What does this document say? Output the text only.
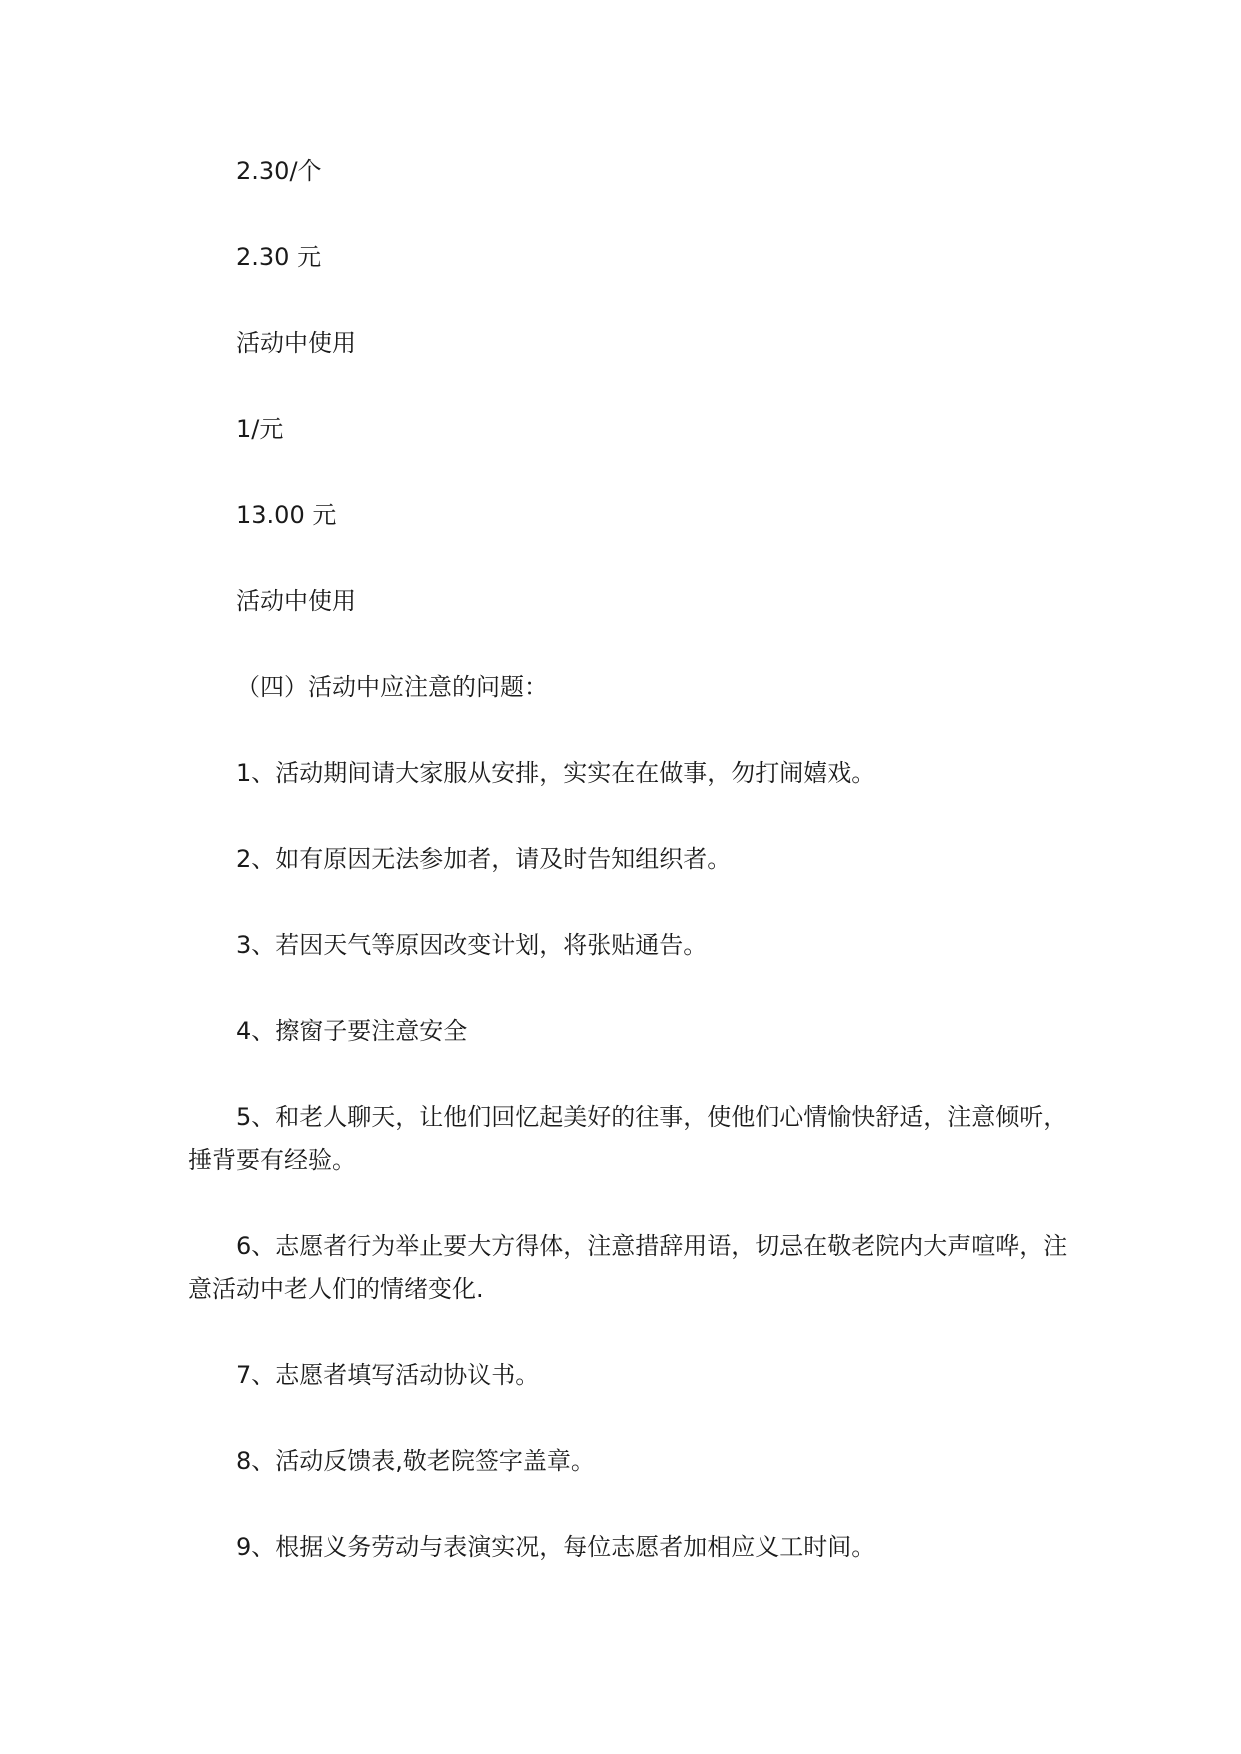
2.30/个

2.30 元

活动中使用

1/元

13.00 元

活动中使用

（四）活动中应注意的问题：

1、活动期间请大家服从安排，实实在在做事，勿打闹嬉戏。

2、如有原因无法参加者，请及时告知组织者。

3、若因天气等原因改变计划，将张贴通告。

4、擦窗子要注意安全

5、和老人聊天，让他们回忆起美好的往事，使他们心情愉快舒适，注意倾听，捶背要有经验。

6、志愿者行为举止要大方得体，注意措辞用语，切忌在敬老院内大声喧哗，注意活动中老人们的情绪变化.

7、志愿者填写活动协议书。

8、活动反馈表,敬老院签字盖章。

9、根据义务劳动与表演实况，每位志愿者加相应义工时间。
